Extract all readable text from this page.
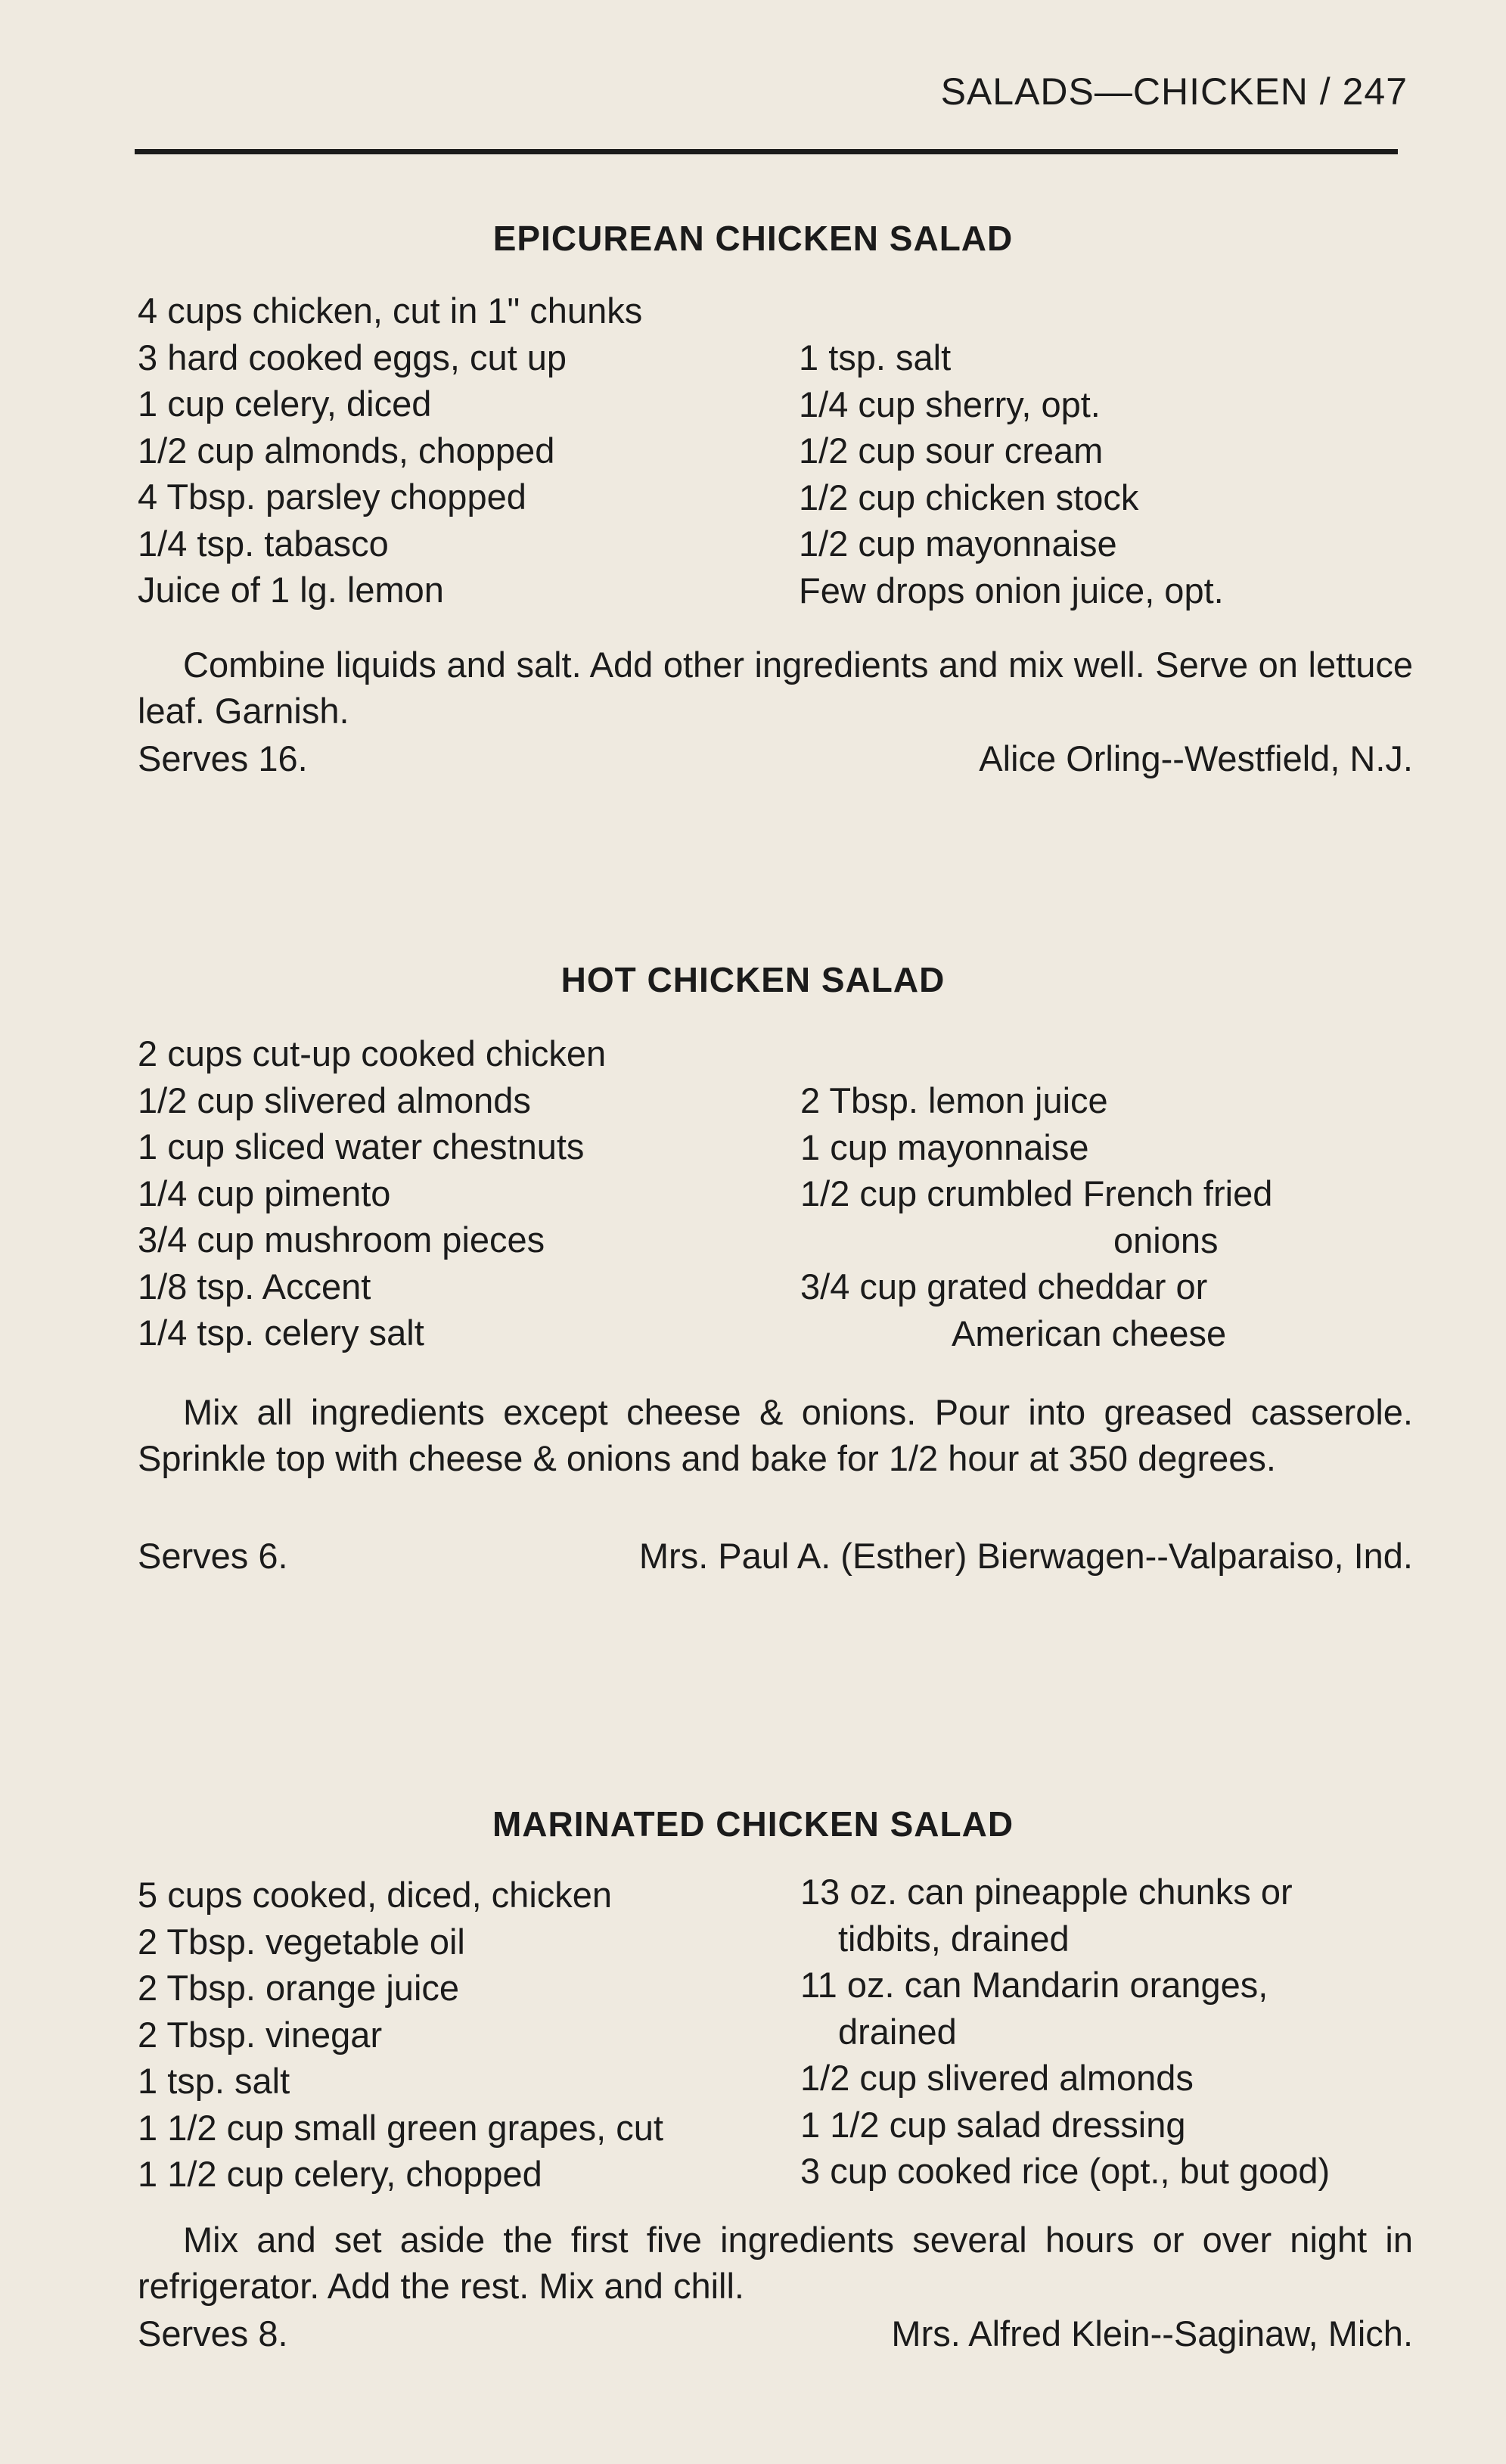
SALADS—CHICKEN / 247
EPICUREAN CHICKEN SALAD
4 cups chicken, cut in 1" chunks
3 hard cooked eggs, cut up
1 cup celery, diced
1/2 cup almonds, chopped
4 Tbsp. parsley chopped
1/4 tsp. tabasco
Juice of 1 lg. lemon
1 tsp. salt
1/4 cup sherry, opt.
1/2 cup sour cream
1/2 cup chicken stock
1/2 cup mayonnaise
Few drops onion juice, opt.
Combine liquids and salt. Add other ingredients and mix well. Serve on lettuce leaf. Garnish.
Serves 16.	Alice Orling--Westfield, N.J.
HOT CHICKEN SALAD
2 cups cut-up cooked chicken
1/2 cup slivered almonds
1 cup sliced water chestnuts
1/4 cup pimento
3/4 cup mushroom pieces
1/8 tsp. Accent
1/4 tsp. celery salt
2 Tbsp. lemon juice
1 cup mayonnaise
1/2 cup crumbled French fried
onions
3/4 cup grated cheddar or
American cheese
Mix all ingredients except cheese & onions. Pour into greased casserole. Sprinkle top with cheese & onions and bake for 1/2 hour at 350 degrees.
Serves 6.	Mrs. Paul A. (Esther) Bierwagen--Valparaiso, Ind.
MARINATED CHICKEN SALAD
5 cups cooked, diced, chicken
2 Tbsp. vegetable oil
2 Tbsp. orange juice
2 Tbsp. vinegar
1 tsp. salt
1 1/2 cup small green grapes, cut
1 1/2 cup celery, chopped
13 oz. can pineapple chunks or
tidbits, drained
11 oz. can Mandarin oranges,
drained
1/2 cup slivered almonds
1 1/2 cup salad dressing
3 cup cooked rice (opt., but good)
Mix and set aside the first five ingredients several hours or over night in refrigerator. Add the rest. Mix and chill.
Serves 8.	Mrs. Alfred Klein--Saginaw, Mich.
